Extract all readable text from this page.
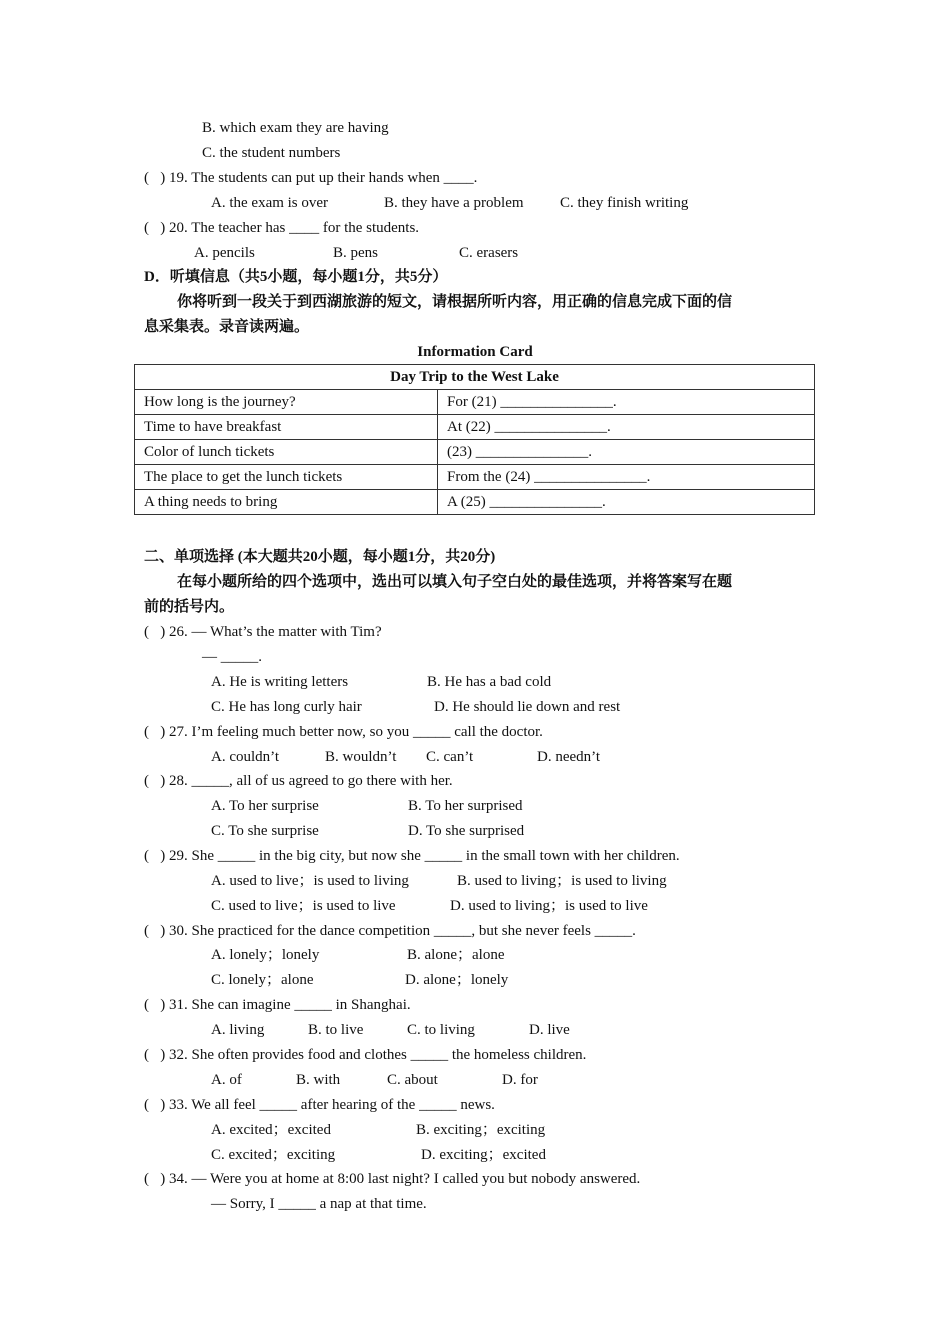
B. which exam they are having
C. the student numbers
(   ) 19. The students can put up their hands when ____.
A. the exam is over	B. they have a problem C. they finish writing
(   ) 20. The teacher has ____ for the students.
A. pencils	B. pens	C. erasers
D．听填信息（共5小题，每小题1分，共5分）
你将听到一段关于到西湖旅游的短文，请根据所听内容，用正确的信息完成下面的信
息采集表。录音读两遍。
Information Card
Day Trip to the West Lake	
How long is the journey?	For (21) _______________.
Time to have breakfast	At (22) _______________.
Color of lunch tickets	(23) _______________.
The place to get the lunch tickets	From the (24) _______________.
A thing needs to bring	A (25) _______________.
二、单项选择 (本大题共20小题，每小题1分，共20分)
在每小题所给的四个选项中，选出可以填入句子空白处的最佳选项，并将答案写在题
前的括号内。
(   ) 26. — What’s the matter with Tim?
— _____.
A. He is writing letters	B. He has a bad cold
C. He has long curly hair	D. He should lie down and rest
(   ) 27. I’m feeling much better now, so you _____ call the doctor.
A. couldn’t	B. wouldn’t C. can’t	D. needn’t
(   ) 28. _____, all of us agreed to go there with her.
A. To her surprise	B. To her surprised
C. To she surprise	D. To she surprised
(   ) 29. She _____ in the big city, but now she _____ in the small town with her children.
A. used to live；is used to living	B. used to living；is used to living
C. used to live；is used to live	D. used to living；is used to live
(   ) 30. She practiced for the dance competition _____, but she never feels _____.
A. lonely；lonely	B. alone；alone
C. lonely；alone	D. alone；lonely
(   ) 31. She can imagine _____ in Shanghai.
A. living	B. to live	C. to living	D. live
(   ) 32. She often provides food and clothes _____ the homeless children.
A. of	B. with	C. about	D. for
(   ) 33. We all feel _____ after hearing of the _____ news.
A. excited；excited	B. exciting；exciting
C. excited；exciting	D. exciting；excited
(   ) 34. — Were you at home at 8:00 last night? I called you but nobody answered.
— Sorry, I _____ a nap at that time.
